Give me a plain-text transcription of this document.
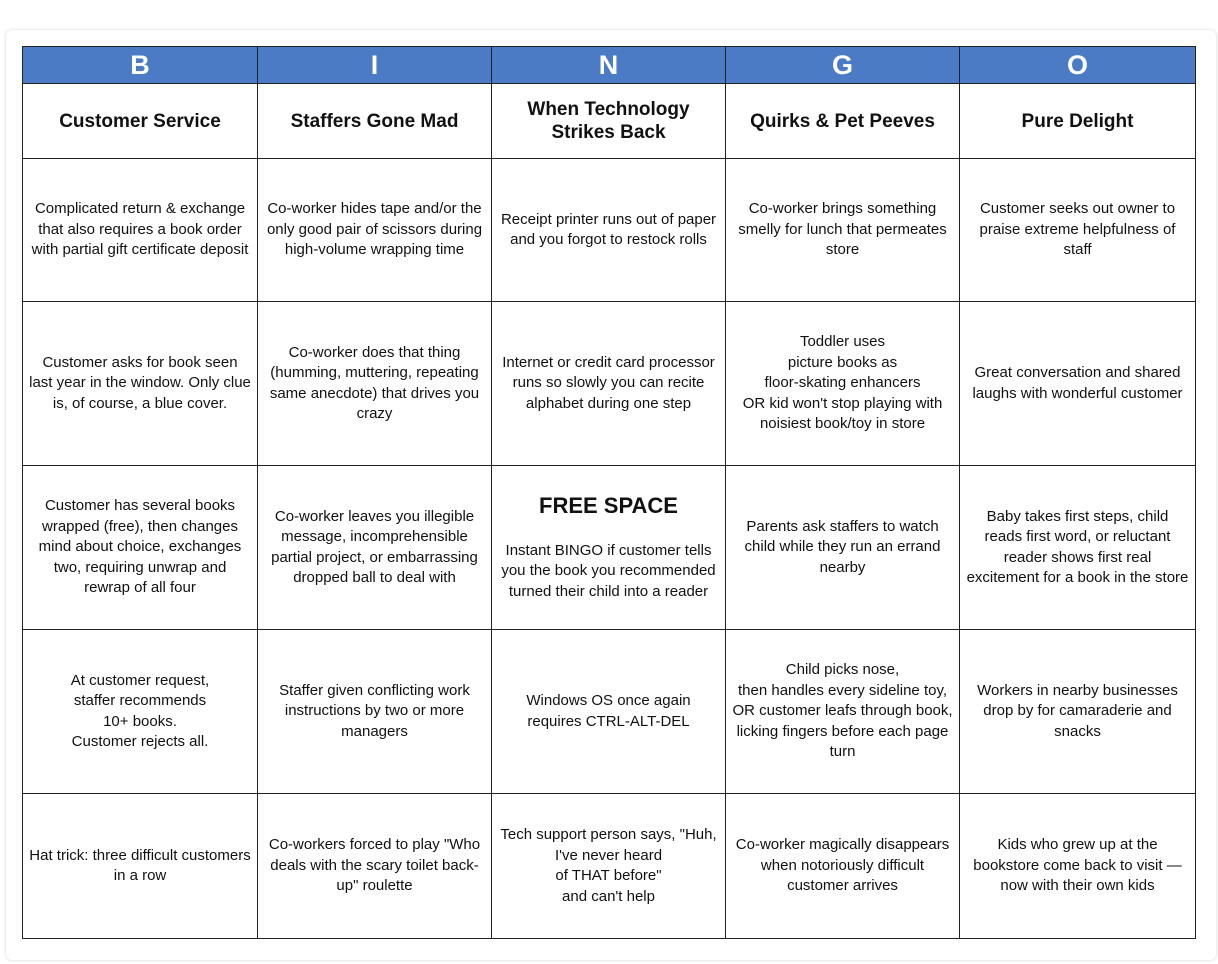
B	I	N	G	O
Customer Service	Staffers Gone Mad	When Technology Strikes Back	Quirks & Pet Peeves	Pure Delight
Complicated return & exchange that also requires a book order with partial gift certificate deposit	Co-worker hides tape and/or the only good pair of scissors during high-volume wrapping time	Receipt printer runs out of paper and you forgot to restock rolls	Co-worker brings something smelly for lunch that permeates store	Customer seeks out owner to praise extreme helpfulness of staff
Customer asks for book seen last year in the window. Only clue is, of course, a blue cover.	Co-worker does that thing (humming, muttering, repeating same anecdote) that drives you crazy	Internet or credit card processor runs so slowly you can recite alphabet during one step	Toddler uses
picture books as
floor-skating enhancers
OR kid won't stop playing with noisiest book/toy in store	Great conversation and shared laughs with wonderful customer
Customer has several books wrapped (free), then changes mind about choice, exchanges two, requiring unwrap and rewrap of all four	Co-worker leaves you illegible message, incomprehensible partial project, or embarrassing dropped ball to deal with	FREE SPACE

Instant BINGO if customer tells you the book you recommended turned their child into a reader	Parents ask staffers to watch child while they run an errand nearby	Baby takes first steps, child reads first word, or reluctant reader shows first real excitement for a book in the store
At customer request,
staffer recommends
10+ books.
Customer rejects all.	Staffer given conflicting work instructions by two or more managers	Windows OS once again requires CTRL-ALT-DEL	Child picks nose,
then handles every sideline toy, OR customer leafs through book, licking fingers before each page turn	Workers in nearby businesses drop by for camaraderie and snacks
Hat trick: three difficult customers in a row	Co-workers forced to play "Who deals with the scary toilet back-up" roulette	Tech support person says, "Huh, I've never heard
of THAT before"
and can't help	Co-worker magically disappears when notoriously difficult customer arrives	Kids who grew up at the bookstore come back to visit — now with their own kids
